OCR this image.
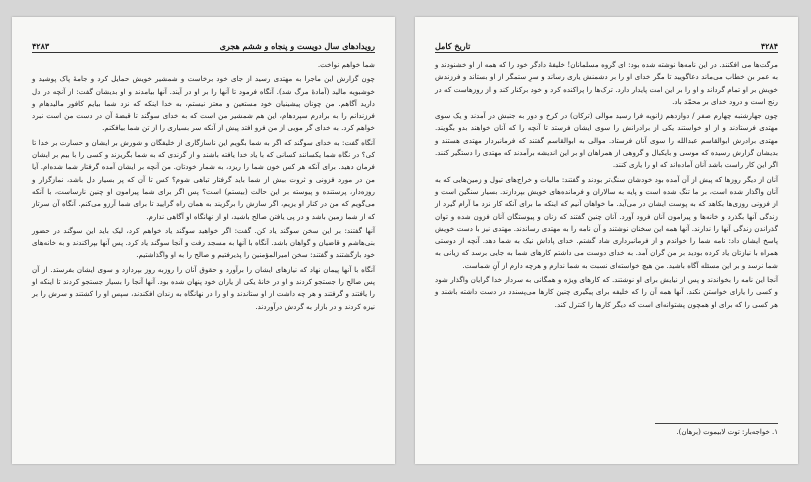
۴۲۸۴
تاریخ کامل

مرگت‌ها می افکنند. در این نامه‌ها نوشته شده بود: ای گروه مسلمانان! خلیفهٔ دادگر خود را که همه از او خشنودند و به عمر بن خطاب می‌ماند دعاگویید تا مگر خدای او را بر دشمنش یاری رساند و سرِ ستمگر از او بستاند و فرزندش خویش بر او تمام گرداند و او را بر این امت پایدار دارد. ترک‌ها را پراکنده کرد و خود برکنار کند و از روزهاست که در رنج است و درود خدای بر محمّد باد.

چون جهارشنبه چهارم صفر / دوازدهم ژانویه فرا رسید موالی (ترکان) در کرخ و دور به جنبش در آمدند و یک سوی مهتدی فرستادند و از او خواستند یکی از برادرانش را سوی ایشان فرستد تا آنچه را که آنان خواهند بدو بگویند. مهتدی برادرش ابوالقاسم عبدالله را سوی آنان فرستاد. موالی به ابوالقاسم گفتند که فرمانبردار مهتدی هستند و بدیشان گزارش رسیده که موسی و بایکبال و گروهی از همراهان او بر این اندیشه برآمدند که مهتدی را دستگیر کنند. اگر این کار راست باشد آنان آماده‌اند که او را یاری کنند.

آنان از دیگر روزها که پیش از آن آمده بود خودشان سنگ‌تر بودند و گفتند: مالیات و خراج‌های تیول و زمین‌هایی که به آنان واگذار شده است، بر ما تنگ شده است و پایه به سالاران و فرمانده‌های خویش بپردازند. بسیار سنگین است و از فزونی روزی‌ها بکاهد که به پوست ایشان در می‌آید. ما خواهان آنیم که اینکه ما برای آنکه کار نزد ما آرام گیرد از زندگی آنها بگذرد و خانه‌ها و پیرامون آنان فرود آورد. آنان چنین گفتند که زنان و پیوستگان آنان فزون شده و توان گذراندن زندگی آنها را ندارند. آنها همه این سخنان نوشتند و آن نامه را به مهتدی رساندند. مهتدی نیز با دست خویش پاسخ ایشان داد: نامه شما را خواندم و از فرمانبرداری شاد گشتم. خدای پاداش نیک به شما دهد. آنچه از دوستی همراه با نیازتان یاد کرده بودید بر من گران آمد. به خدای دوست می داشتم کارهای شما به جایی برسد که زیانی به شما نرسد و بر این مسئله آگاه باشید. من هیچ خواسته‌ای نسبت به شما ندارم و هرچه دارم از آنِ شماست.

آنجا این نامه را بخواندند و پس از نیایش برای او نوشتند. که کارهای ویژه و همگانی به سردار خدا گرایان واگذار شود و کسی را یارای خواستن نکند. آنها همه آن را که خلیفه برای پیگیری چنین کارها می‌پسندد در دست داشته باشند و هر کسی را که برای او همچون پشتوانه‌ای است که دیگر کارها را کنترل کند.

۱. خواجه‌بار: توت لابیموت (برهان).
۴۲۸۳	رویدادهای سال دویست و پنجاه و ششم هجری

شما خواهم نواخت.

چون گزارش این ماجرا به مهتدی رسید از جای خود برخاست و شمشیر خویش حمایل کرد و جامهٔ پاک پوشید و خوشبویه مالید (آمادهٔ مرگ شد). آنگاه فرمود تا آنها را بر او در آیند. آنها بیامدند و او بدیشان گفت: از آنچه در دل دارید آگاهم. من چونان پیشینیان خود مستعین و معتز نیستم، به خدا اینکه که نزد شما بیایم کافور مالیدهام و فرزندانم را به برادرم سپردهام، این هم شمشیر من است که به خدای سوگند تا قبضهٔ آن در دست من است نبرد خواهم کرد. به خدای گر مویی از من فرو افتد پیش از آنکه سر بسیاری را از تن شما بیافکنم.

آنگاه گفت: به خدای سوگند که اگر به شما بگویم این ناسازگاری از خلیفگان و شورش بر ایشان و حسارت بر خدا تا کی؟ در نگاه شما یکسانند کسانی که با یاد خدا یافته باشند و از گزندی که به شما بگریزند و کسی را با بیم بر ایشان فرمان دهید. برای آنکه هر کس خون شما را ریزد، به شمار خودتان. من آنچه بر ایشان آمده گرفتار شما شده‌ام. آیا من در مورد فزونی و ثروت بیش از شما باید گرفتار تباهی شوم؟ کس تا آن که پر بسیار دل باشد، نماز‌گزار و روزه‌دار، پرستنده و پیوسته بر این حالت (بیستم) است؟ پس اگر برای شما پیرامون او چنین نارساست، با آنکه می‌گویم که من در کنار او یزیم، اگر سازش را برگزیند به همان راه گرایید تا برای شما آرزو می‌کنم. آنگاه آن سرتاز که از شما زمین باشد و در پی یافتن صالح باشید، او از نهانگاه او آگاهی ندارم.

آنها گفتند: بر این سخن سوگند یاد کن. گفت: اگر خواهید سوگند یاد خواهم کرد، لیک باید این سوگند در حضور بنی‌هاشم و قاضیان و گواهان باشد. آنگاه با آنها به مسجد رفت و آنجا سوگند یاد کرد. پس آنها بپراکندند و به خانه‌های خود بازگشتند و گفتند: سخن امیرالمؤمنین را پذیرفتیم و صالح را به او واگذاشتیم.

آنگاه با آنها پیمان نهاد که نیازهای ایشان را برآورد و حقوق آنان را روزبه روز بپردازد و سوی ایشان بفرستد. از آن پس صالح را جستجو کردند و او در خانهٔ یکی از یاران خود پنهان شده بود. آنها آنجا را بسیار جستجو کردند تا اینکه او را یافتند و گرفتند و هر چه داشت از او ستاندند و او را در نهانگاه به زندان افکندند، سپس او را کشتند و سرش را بر نیزه کردند و در بازار به گردش درآوردند.
